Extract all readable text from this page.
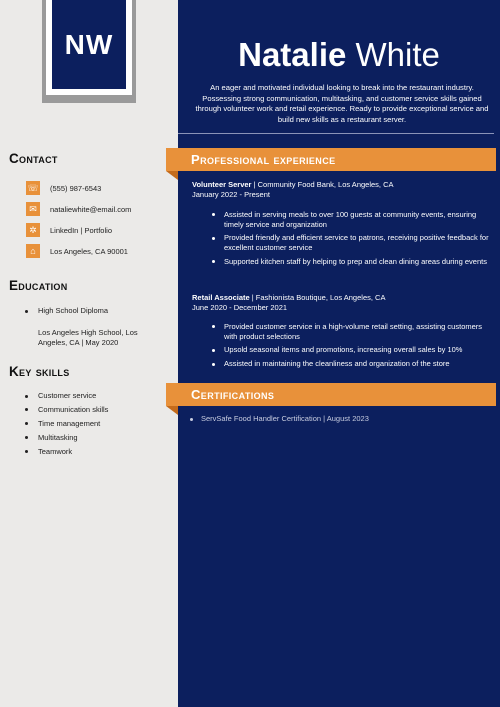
NW	Natalie White
An eager and motivated individual looking to break into the restaurant industry. Possessing strong communication, multitasking, and customer service skills gained through volunteer work and retail experience. Ready to provide exceptional service and build new skills as a restaurant server.
Contact
☏ (555) 987-6543
✉	nataliewhite@email.com
✲	LinkedIn | Portfolio
⌂	Los Angeles, CA 90001
Education
High School Diploma
Los Angeles High School, Los Angeles, CA | May 2020
Key skills
Customer service
Communication skills
Time management
Multitasking
Teamwork
Professional experience
Volunteer Server | Community Food Bank, Los Angeles, CA
January 2022 - Present
Assisted in serving meals to over 100 guests at community events, ensuring timely service and organization
Provided friendly and efficient service to patrons, receiving positive feedback for excellent customer service
Supported kitchen staff by helping to prep and clean dining areas during events
Retail Associate | Fashionista Boutique, Los Angeles, CA
June 2020 - December 2021
Provided customer service in a high-volume retail setting, assisting customers with product selections
Upsold seasonal items and promotions, increasing overall sales by 10%
Assisted in maintaining the cleanliness and organization of the store
Certifications
ServSafe Food Handler Certification | August 2023
